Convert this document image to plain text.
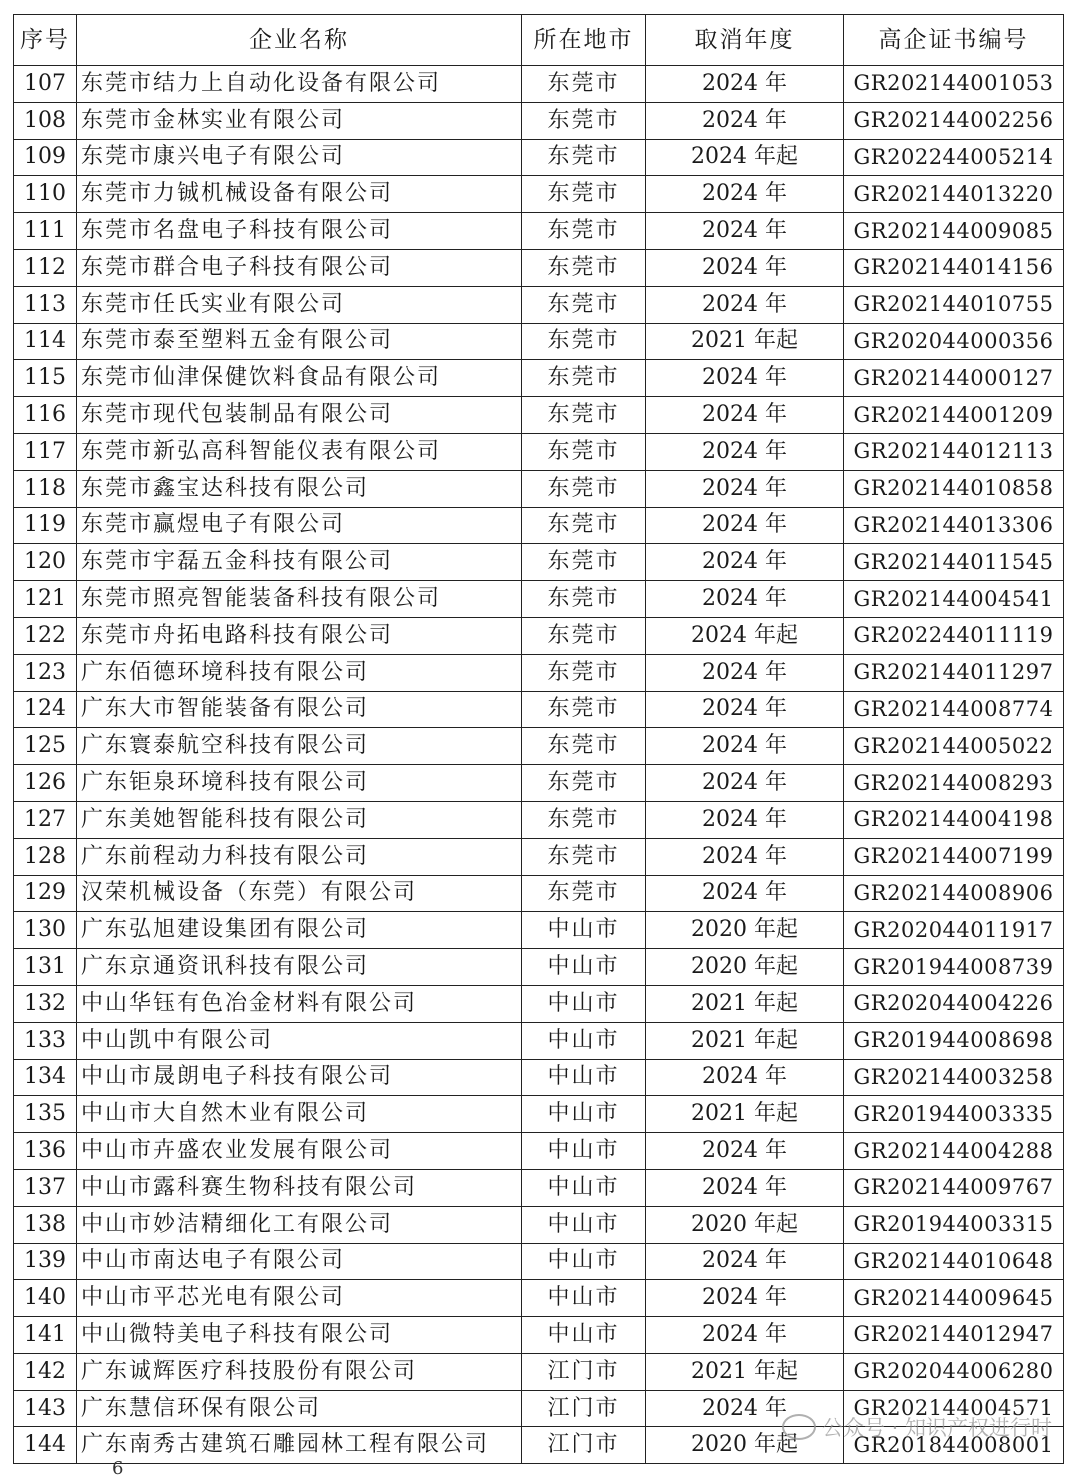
序号	企业名称	所在地市	取消年度	高企证书编号
107	东莞市结力上自动化设备有限公司	东莞市	2024 年	GR202144001053
108	东莞市金林实业有限公司	东莞市	2024 年	GR202144002256
109	东莞市康兴电子有限公司	东莞市	2024 年起	GR202244005214
110	东莞市力铖机械设备有限公司	东莞市	2024 年	GR202144013220
111	东莞市名盘电子科技有限公司	东莞市	2024 年	GR202144009085
112	东莞市群合电子科技有限公司	东莞市	2024 年	GR202144014156
113	东莞市任氏实业有限公司	东莞市	2024 年	GR202144010755
114	东莞市泰至塑料五金有限公司	东莞市	2021 年起	GR202044000356
115	东莞市仙津保健饮料食品有限公司	东莞市	2024 年	GR202144000127
116	东莞市现代包装制品有限公司	东莞市	2024 年	GR202144001209
117	东莞市新弘高科智能仪表有限公司	东莞市	2024 年	GR202144012113
118	东莞市鑫宝达科技有限公司	东莞市	2024 年	GR202144010858
119	东莞市赢煜电子有限公司	东莞市	2024 年	GR202144013306
120	东莞市宇磊五金科技有限公司	东莞市	2024 年	GR202144011545
121	东莞市照亮智能装备科技有限公司	东莞市	2024 年	GR202144004541
122	东莞市舟拓电路科技有限公司	东莞市	2024 年起	GR202244011119
123	广东佰德环境科技有限公司	东莞市	2024 年	GR202144011297
124	广东大市智能装备有限公司	东莞市	2024 年	GR202144008774
125	广东寰泰航空科技有限公司	东莞市	2024 年	GR202144005022
126	广东钜泉环境科技有限公司	东莞市	2024 年	GR202144008293
127	广东美她智能科技有限公司	东莞市	2024 年	GR202144004198
128	广东前程动力科技有限公司	东莞市	2024 年	GR202144007199
129	汉荣机械设备（东莞）有限公司	东莞市	2024 年	GR202144008906
130	广东弘旭建设集团有限公司	中山市	2020 年起	GR202044011917
131	广东京通资讯科技有限公司	中山市	2020 年起	GR201944008739
132	中山华钰有色冶金材料有限公司	中山市	2021 年起	GR202044004226
133	中山凯中有限公司	中山市	2021 年起	GR201944008698
134	中山市晟朗电子科技有限公司	中山市	2024 年	GR202144003258
135	中山市大自然木业有限公司	中山市	2021 年起	GR201944003335
136	中山市卉盛农业发展有限公司	中山市	2024 年	GR202144004288
137	中山市露科赛生物科技有限公司	中山市	2024 年	GR202144009767
138	中山市妙洁精细化工有限公司	中山市	2020 年起	GR201944003315
139	中山市南达电子有限公司	中山市	2024 年	GR202144010648
140	中山市平芯光电有限公司	中山市	2024 年	GR202144009645
141	中山微特美电子科技有限公司	中山市	2024 年	GR202144012947
142	广东诚辉医疗科技股份有限公司	江门市	2021 年起	GR202044006280
143	广东慧信环保有限公司	江门市	2024 年	GR202144004571
144	广东南秀古建筑石雕园林工程有限公司	江门市	2020 年起	GR201844008001
公众号 · 知识产权进行时
6
